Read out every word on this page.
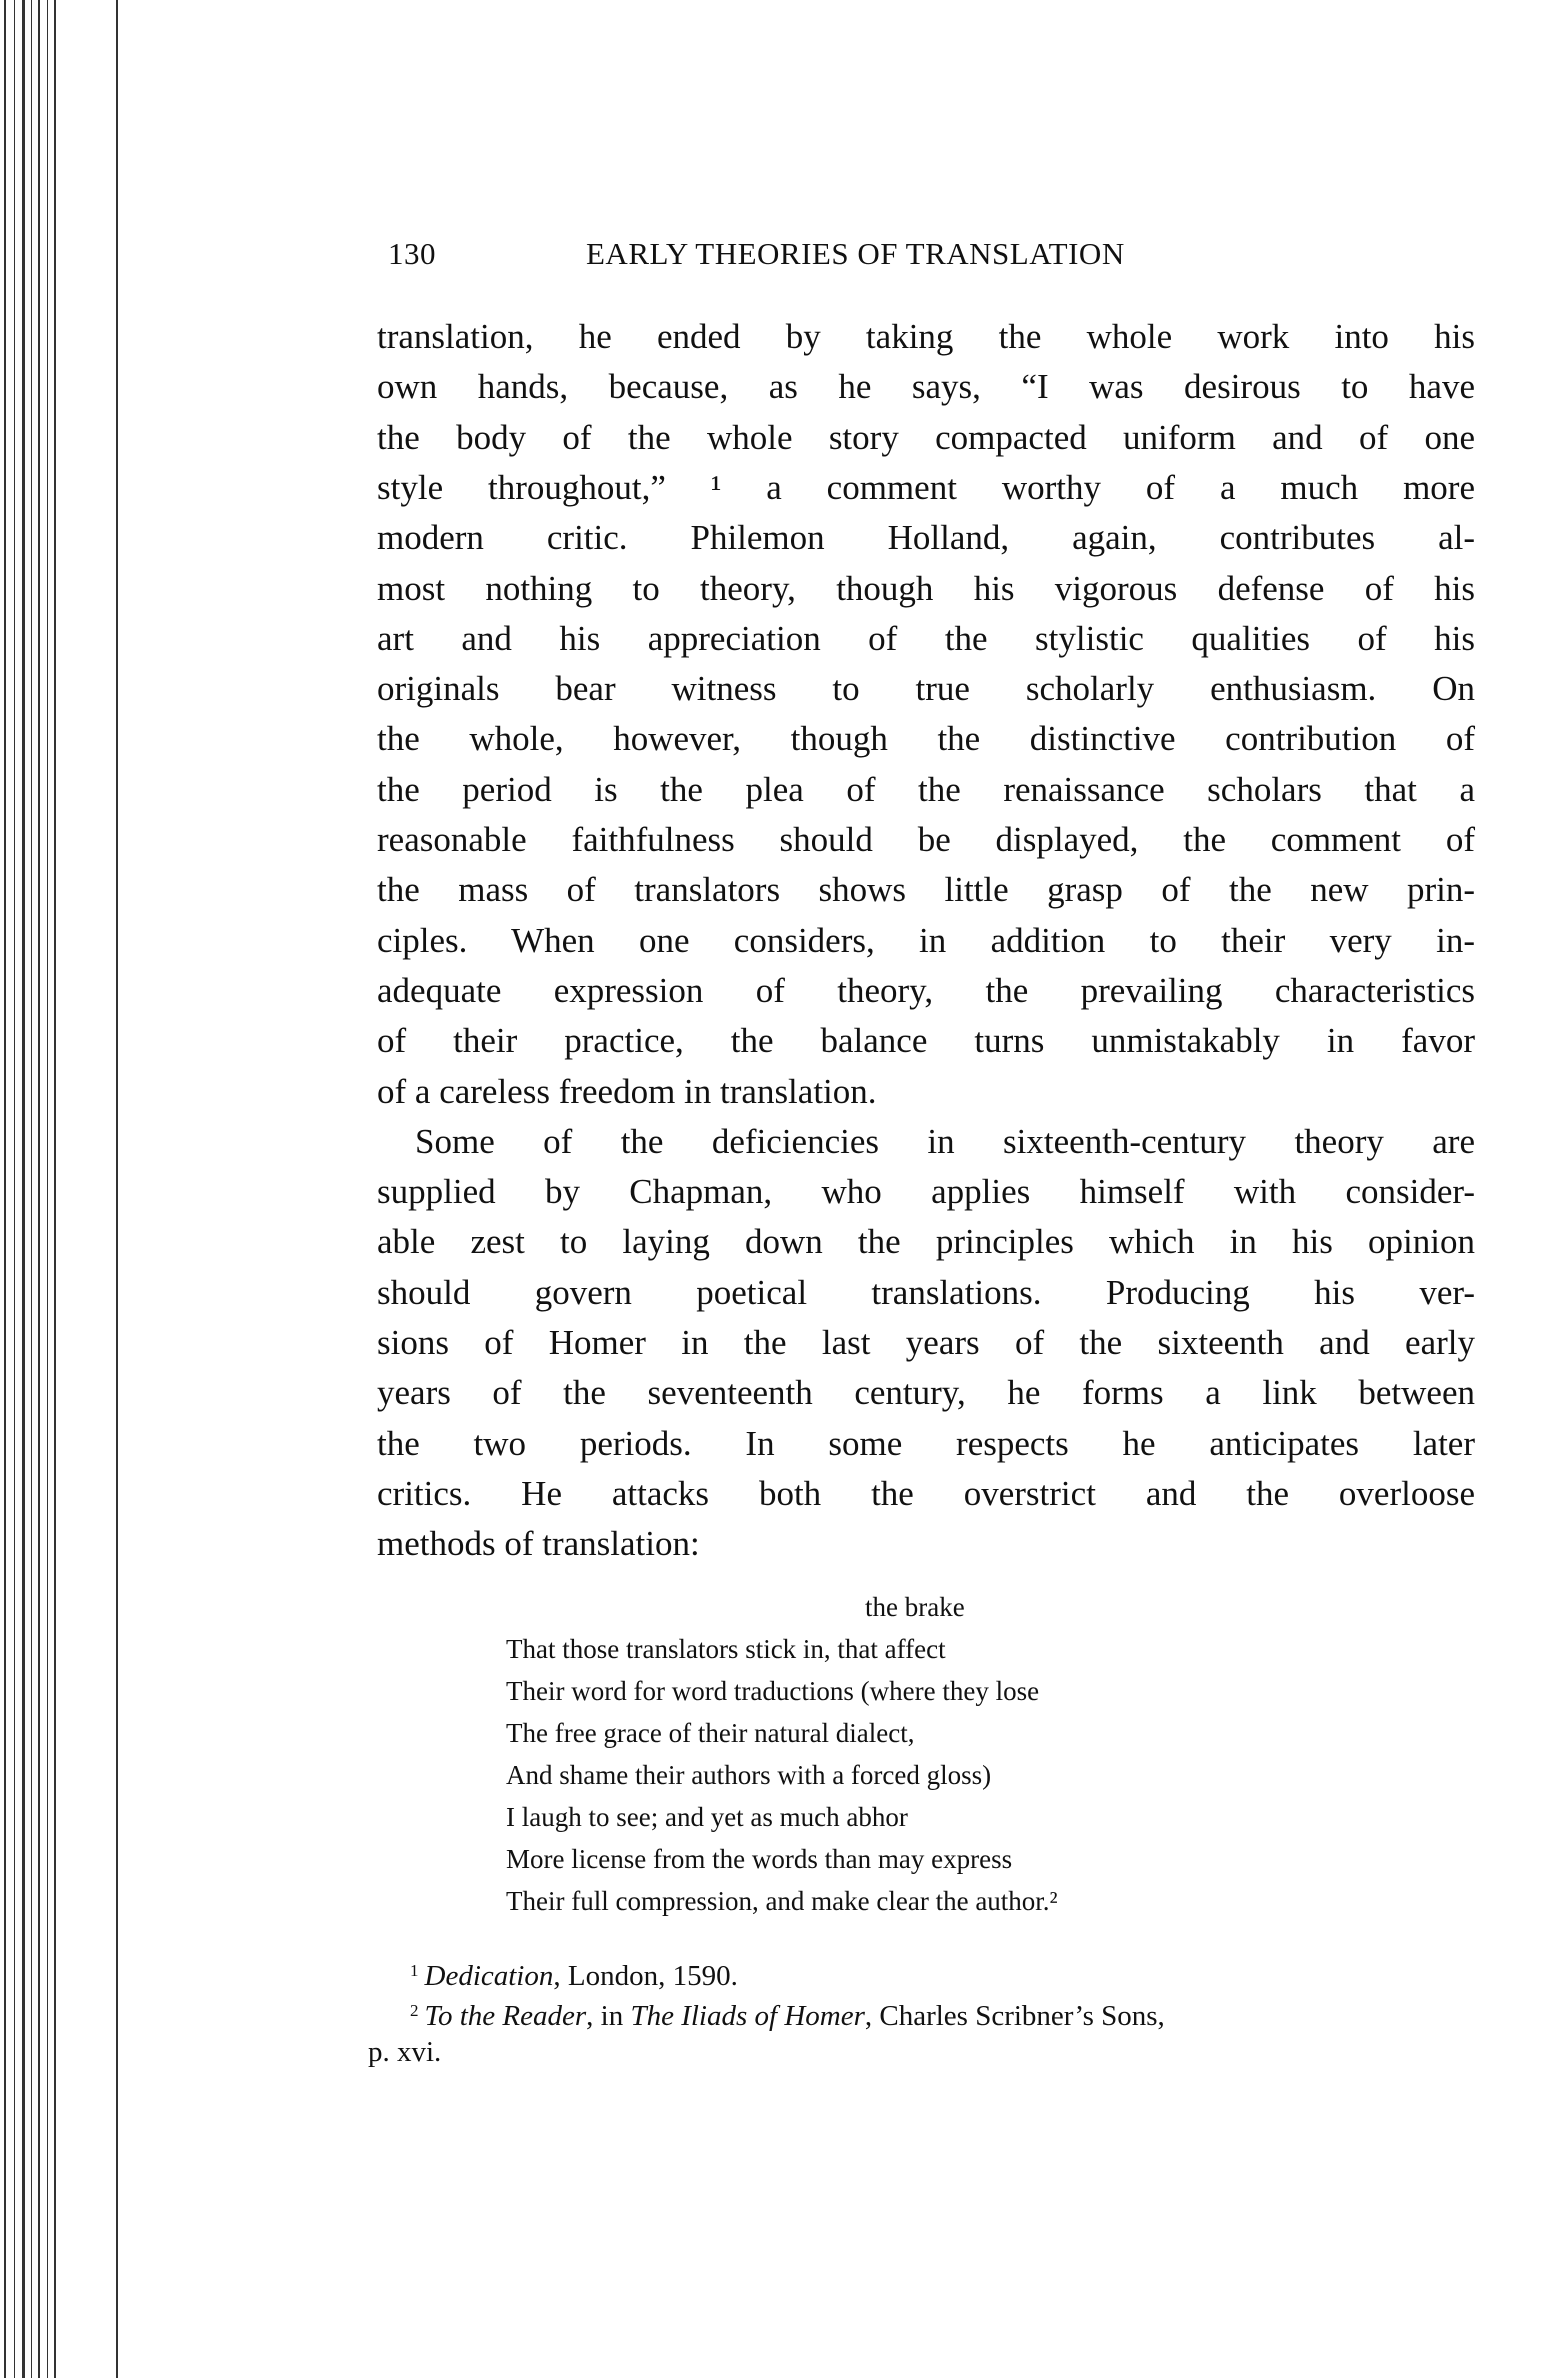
130	EARLY THEORIES OF TRANSLATION
translation, he ended by taking the whole work into his
own hands, because, as he says, “I was desirous to have
the body of the whole story compacted uniform and of one
style throughout,” ¹ a comment worthy of a much more
modern critic. Philemon Holland, again, contributes al-
most nothing to theory, though his vigorous defense of his
art and his appreciation of the stylistic qualities of his
originals bear witness to true scholarly enthusiasm. On
the whole, however, though the distinctive contribution of
the period is the plea of the renaissance scholars that a
reasonable faithfulness should be displayed, the comment of
the mass of translators shows little grasp of the new prin-
ciples. When one considers, in addition to their very in-
adequate expression of theory, the prevailing characteristics
of their practice, the balance turns unmistakably in favor
of a careless freedom in translation.
Some of the deficiencies in sixteenth-century theory are
supplied by Chapman, who applies himself with consider-
able zest to laying down the principles which in his opinion
should govern poetical translations. Producing his ver-
sions of Homer in the last years of the sixteenth and early
years of the seventeenth century, he forms a link between
the two periods. In some respects he anticipates later
critics. He attacks both the overstrict and the overloose
methods of translation:
the brake
That those translators stick in, that affect
Their word for word traductions (where they lose
The free grace of their natural dialect,
And shame their authors with a forced gloss)
I laugh to see; and yet as much abhor
More license from the words than may express
Their full compression, and make clear the author.²
$^1$ Dedication, London, 1590.
$^2$ To the Reader, in The Iliads of Homer, Charles Scribner’s Sons,
p. xvi.
